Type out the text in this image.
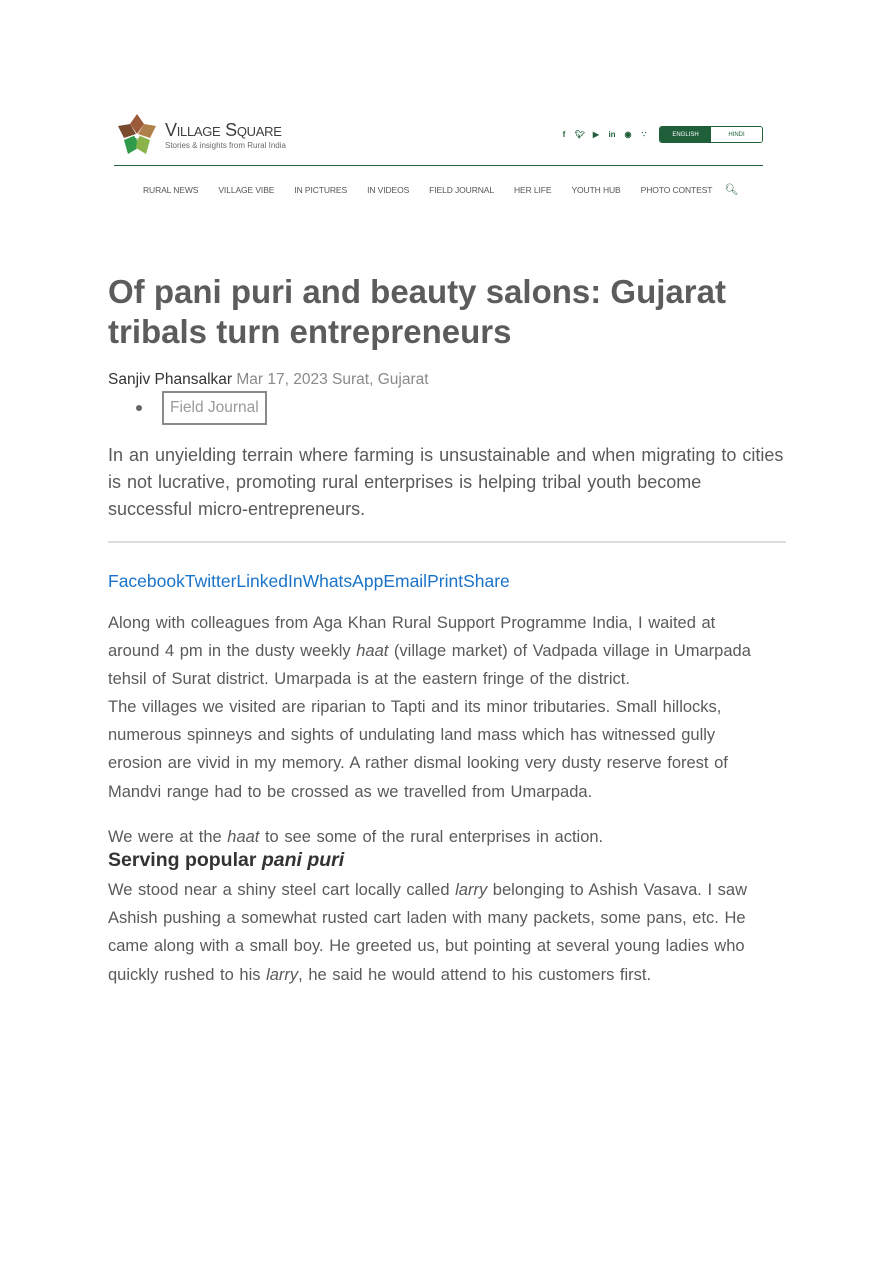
Village Square
Stories & insights from Rural India
f	🐦︎ ▶ in ◉	∵	ENGLISH	HINDI
RURAL NEWS VILLAGE VIBE IN PICTURES IN VIDEOS FIELD JOURNAL HER LIFE YOUTH HUB PHOTO CONTEST 🔍︎
Of pani puri and beauty salons: Gujarat tribals turn entrepreneurs
Sanjiv Phansalkar Mar 17, 2023 Surat, Gujarat
Field Journal

In an unyielding terrain where farming is unsustainable and when migrating to cities is not lucrative, promoting rural enterprises is helping tribal youth become successful micro-entrepreneurs.

FacebookTwitterLinkedInWhatsAppEmailPrintShare

Along with colleagues from Aga Khan Rural Support Programme India, I waited at around 4 pm in the dusty weekly haat (village market) of Vadpada village in Umarpada tehsil of Surat district. Umarpada is at the eastern fringe of the district.

The villages we visited are riparian to Tapti and its minor tributaries. Small hillocks, numerous spinneys and sights of undulating land mass which has witnessed gully erosion are vivid in my memory. A rather dismal looking very dusty reserve forest of Mandvi range had to be crossed as we travelled from Umarpada.

We were at the haat to see some of the rural enterprises in action.

Serving popular pani puri

We stood near a shiny steel cart locally called larry belonging to Ashish Vasava. I saw Ashish pushing a somewhat rusted cart laden with many packets, some pans, etc. He came along with a small boy. He greeted us, but pointing at several young ladies who quickly rushed to his larry, he said he would attend to his customers first.
